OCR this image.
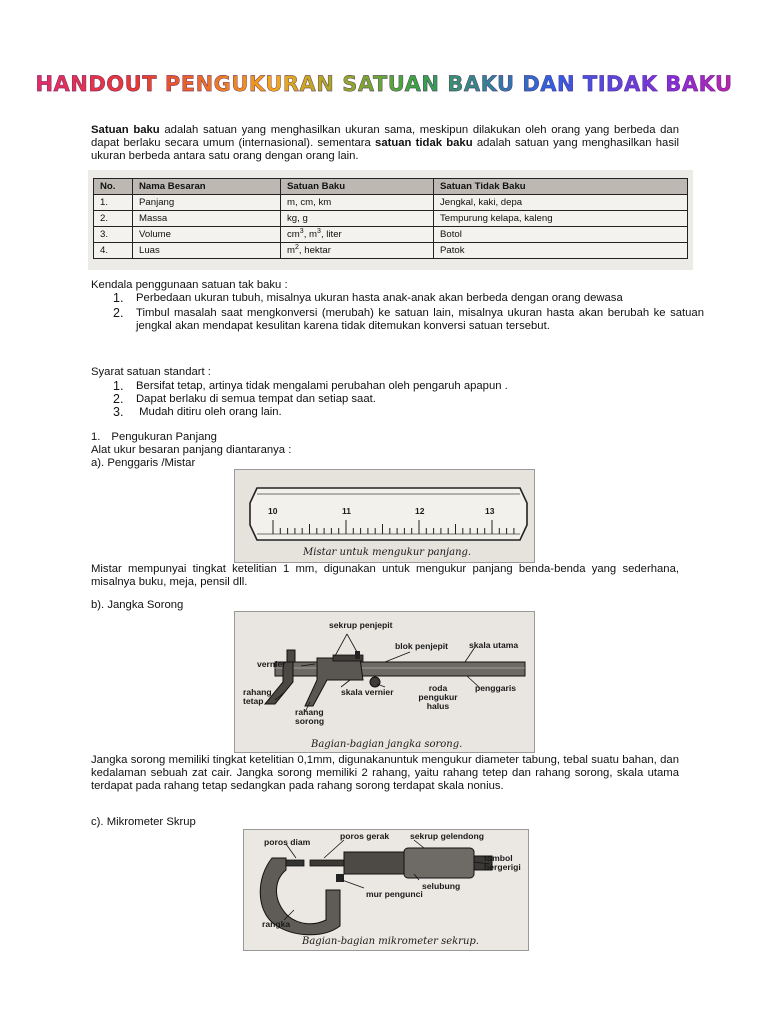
HANDOUT PENGUKURAN SATUAN BAKU DAN TIDAK BAKU
Satuan baku adalah satuan yang menghasilkan ukuran sama, meskipun dilakukan oleh orang yang berbeda dan dapat berlaku secara umum (internasional). sementara satuan tidak baku adalah satuan yang menghasilkan hasil ukuran berbeda antara satu orang dengan orang lain.
No.	Nama Besaran	Satuan Baku	Satuan Tidak Baku
1.	Panjang	m, cm, km	Jengkal, kaki, depa
2.	Massa	kg, g	Tempurung kelapa, kaleng
3.	Volume	$cm^3$, $m^3$, liter	Botol
4.	Luas	$m^2$, hektar	Patok
Kendala penggunaan satuan tak baku :
1. Perbedaan ukuran tubuh, misalnya ukuran hasta anak-anak akan berbeda dengan orang dewasa
2. Timbul masalah saat mengkonversi (merubah) ke satuan lain, misalnya ukuran hasta akan berubah ke satuan jengkal akan mendapat kesulitan karena tidak ditemukan konversi satuan tersebut.
Syarat satuan standart :
1. Bersifat tetap, artinya tidak mengalami perubahan oleh pengaruh apapun .
2. Dapat berlaku di semua tempat dan setiap saat.
3. Mudah ditiru oleh orang lain.
1. Pengukuran Panjang
Alat ukur besaran panjang diantaranya :
a). Penggaris /Mistar
10	11	12	13
Mistar untuk mengukur panjang.
Mistar mempunyai tingkat ketelitian 1 mm, digunakan untuk mengukur panjang benda-benda yang sederhana, misalnya buku, meja, pensil dll.
b). Jangka Sorong
sekrup penjepit
blok penjepit skala utama
vernier
rahang tetap
skala vernier	roda pengukur halus
penggaris
rahang sorong
Bagian-bagian jangka sorong.
Jangka sorong memiliki tingkat ketelitian 0,1mm, digunakanuntuk mengukur diameter tabung, tebal suatu bahan, dan kedalaman sebuah zat cair. Jangka sorong memiliki 2 rahang, yaitu rahang tetep dan rahang sorong, skala utama terdapat pada rahang tetap sedangkan pada rahang sorong terdapat skala nonius.
c). Mikrometer Skrup
poros diam
poros gerak sekrup gelendong
tombol bergerigi
selubung
mur pengunci
rangka
Bagian-bagian mikrometer sekrup.
